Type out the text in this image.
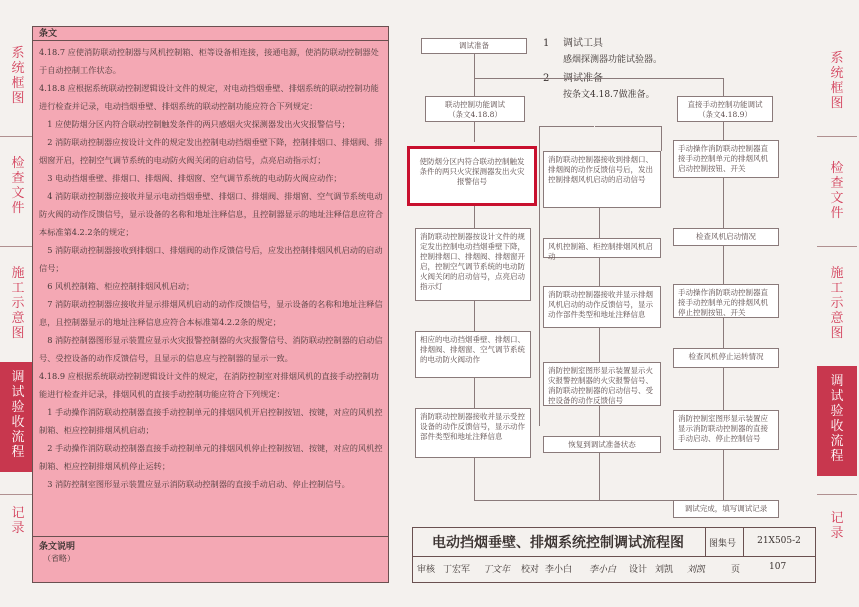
系统框图
检查文件
施工示意图
调试验收流程
记录
系统框图
检查文件
施工示意图
调试验收流程
记录
条文

4.18.7 应使消防联动控制器与风机控制箱、柜等设备相连接，接通电源，使消防联动控制器处于自动控制工作状态。

4.18.8 应根据系统联动控制逻辑设计文件的规定，对电动挡烟垂壁、排烟系统的联动控制功能进行检查并记录，电动挡烟垂壁、排烟系统的联动控制功能应符合下列规定：

1 应使防烟分区内符合联动控制触发条件的两只感烟火灾探测器发出火灾报警信号；

2 消防联动控制器应按设计文件的规定发出控制电动挡烟垂壁下降，控制排烟口、排烟阀、排烟窗开启，控制空气调节系统的电动防火阀关闭的启动信号，点亮启动指示灯；

3 电动挡烟垂壁、排烟口、排烟阀、排烟窗、空气调节系统的电动防火阀应动作；

4 消防联动控制器应接收并显示电动挡烟垂壁、排烟口、排烟阀、排烟窗、空气调节系统电动防火阀的动作反馈信号，显示设备的名称和地址注释信息，且控制器显示的地址注释信息应符合本标准第4.2.2条的规定；

5 消防联动控制器接收到排烟口、排烟阀的动作反馈信号后，应发出控制排烟风机启动的启动信号；

6 风机控制箱、柜应控制排烟风机启动；

7 消防联动控制器应接收并显示排烟风机启动的动作反馈信号，显示设备的名称和地址注释信息，且控制器显示的地址注释信息应符合本标准第4.2.2条的规定；

8 消防控制器图形显示装置应显示火灾报警控制器的火灾报警信号、消防联动控制器的启动信号、受控设备的动作反馈信号，且显示的信息应与控制器的显示一致。

4.18.9 应根据系统联动控制逻辑设计文件的规定，在消防控制室对排烟风机的直接手动控制功能进行检查并记录，排烟风机的直接手动控制功能应符合下列规定：

1 手动操作消防联动控制器直接手动控制单元的排烟风机开启控制按钮、按键，对应的风机控制箱、柜应控制排烟风机启动；

2 手动操作消防联动控制器直接手动控制单元的排烟风机停止控制按钮、按键，对应的风机控制箱、柜应控制排烟风机停止运转；

3 消防控制室图形显示装置应显示消防联动控制器的直接手动启动、停止控制信号。

条文说明
（省略）
1 调试工具
感烟探测器功能试验器。
按条文4.18.7做准备。
调试准备
联动控制功能调试
（条文4.18.8）
直接手动控制功能调试
（条文4.18.9）
使防烟分区内符合联动控制触发条件的两只火灾探测器发出火灾报警信号
消防联动控制器按设计文件的规定发出控制电动挡烟垂壁下降，控制排烟口、排烟阀、排烟窗开启，控制空气调节系统的电动防火阀关闭的启动信号，点亮启动指示灯
相应的电动挡烟垂壁、排烟口、排烟阀、排烟窗、空气调节系统的电动防火阀动作
消防联动控制器接收并显示受控设备的动作反馈信号，显示动作部件类型和地址注释信息
消防联动控制器接收到排烟口、排烟阀的动作反馈信号后，发出控制排烟风机启动的启动信号
风机控制箱、柜控制排烟风机启动
消防联动控制器接收并显示排烟风机启动的动作反馈信号，显示动作部件类型和地址注释信息
消防控制室图形显示装置显示火灾报警控制器的火灾报警信号、消防联动控制器的启动信号、受控设备的动作反馈信号
恢复到调试准备状态
手动操作消防联动控制器直接手动控制单元的排烟风机启动控制按钮、开关
检查风机启动情况
手动操作消防联动控制器直接手动控制单元的排烟风机停止控制按钮、开关
检查风机停止运转情况
消防控制室图形显示装置应显示消防联动控制器的直接手动启动、停止控制信号
调试完成，填写调试记录
电动挡烟垂壁、排烟系统控制调试流程图	图集号	21X505-2
审核 丁宏军 丁文年 校对 李小白 李小白 设计 刘凯 刘凯	页	107
